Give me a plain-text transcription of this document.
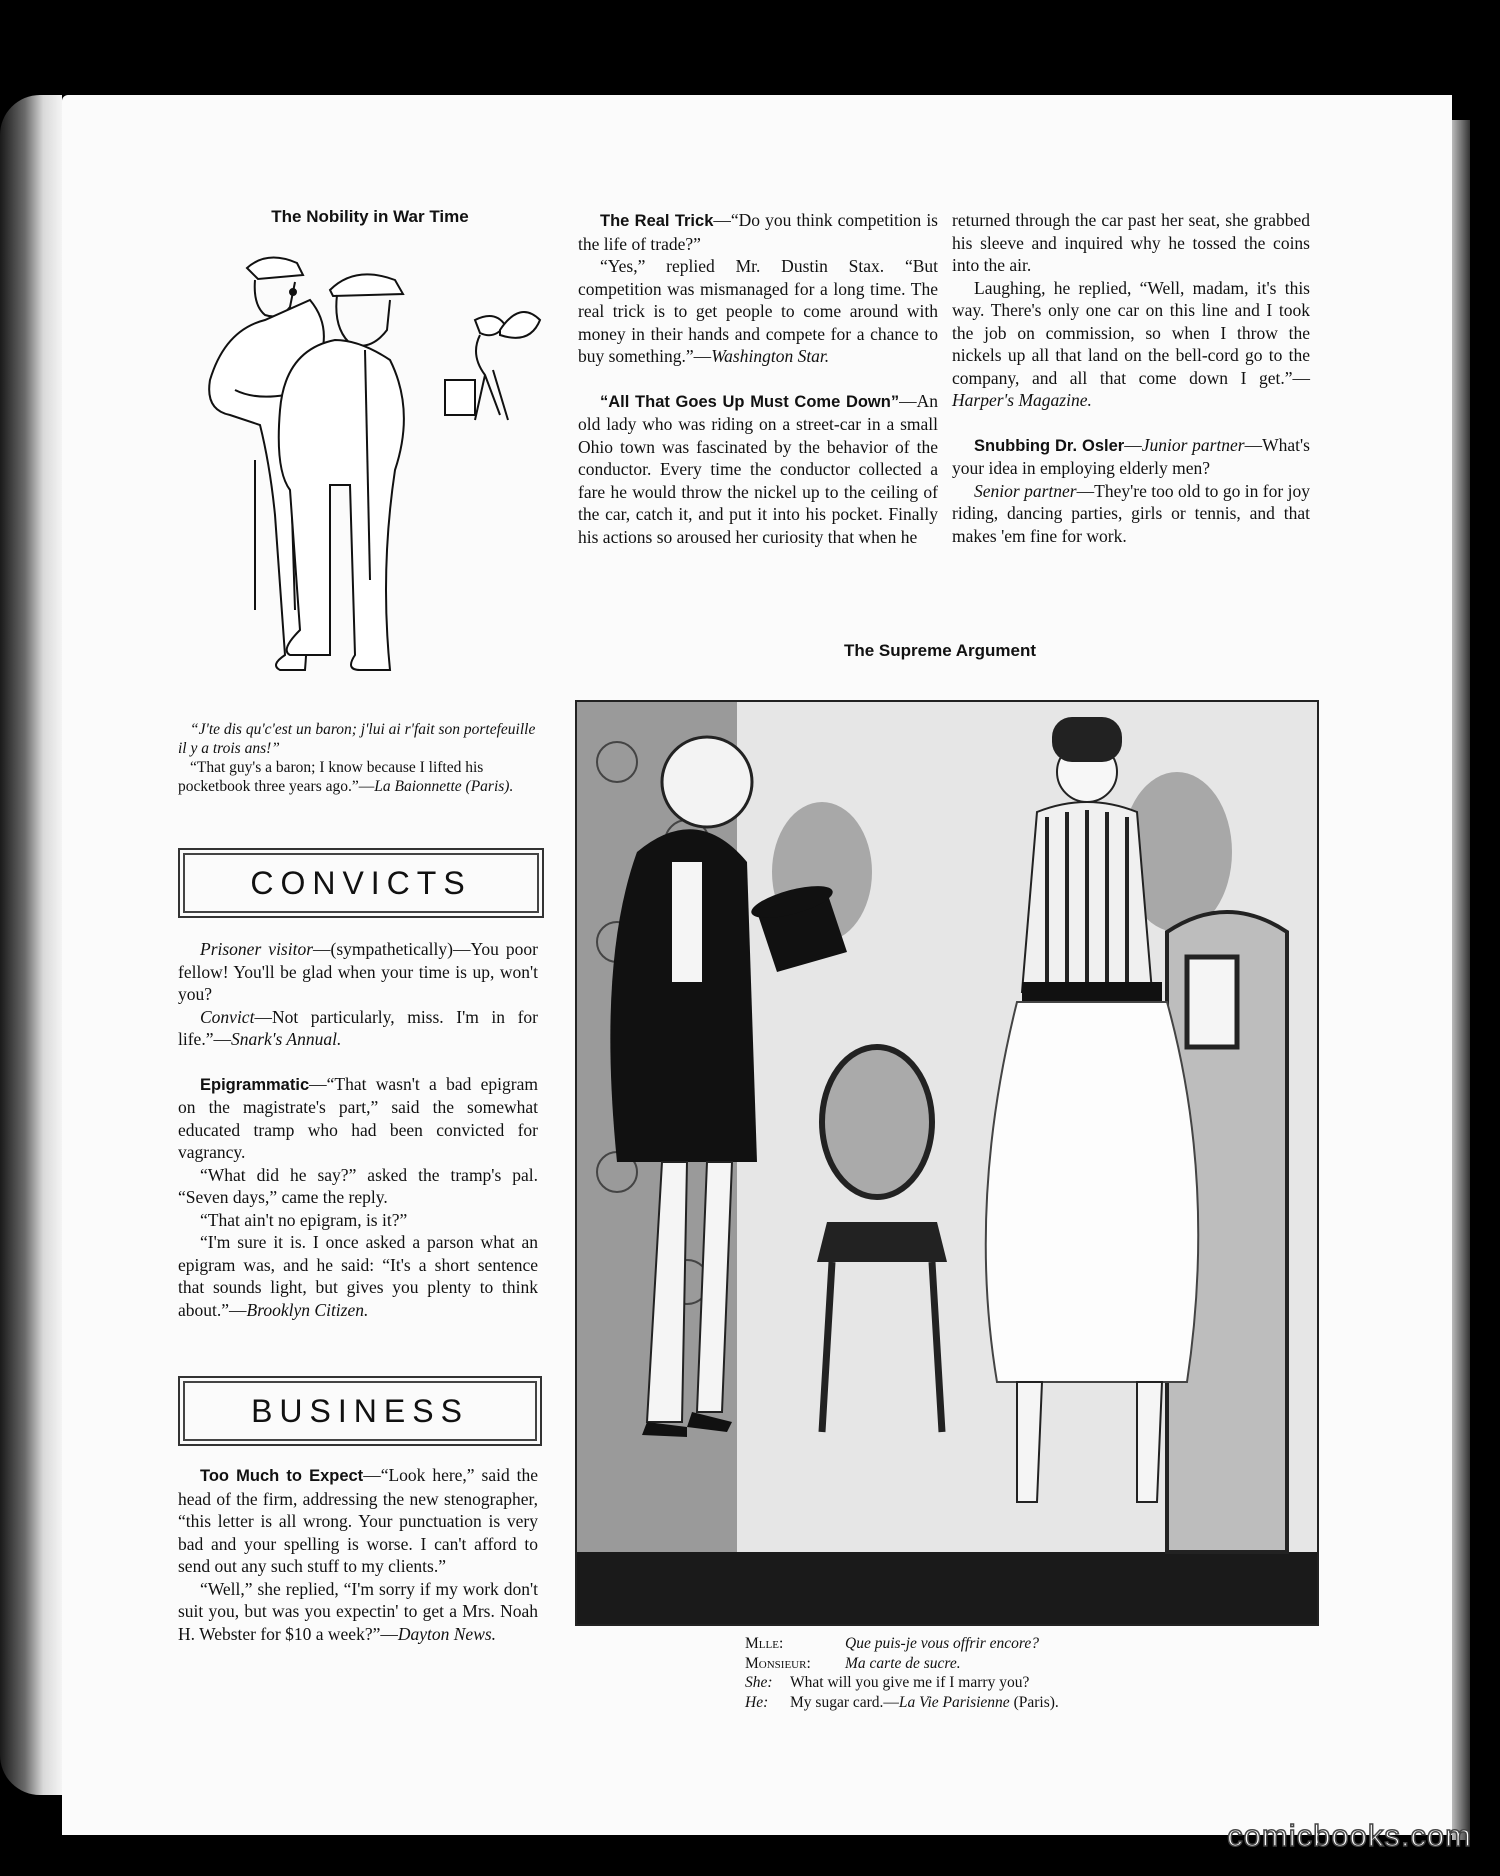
The Nobility in War Time

“J'te dis qu'c'est un baron; j'lui ai r'fait son portefeuille il y a trois ans!”

“That guy's a baron; I know because I lifted his pocketbook three years ago.”—La Baionnette (Paris).

CONVICTS

Prisoner visitor—(sympathetically)—You poor fellow! You'll be glad when your time is up, won't you?

Convict—Not particularly, miss. I'm in for life.”—Snark's Annual.

Epigrammatic—“That wasn't a bad epigram on the magistrate's part,” said the somewhat educated tramp who had been convicted for vagrancy.

“What did he say?” asked the tramp's pal. “Seven days,” came the reply.

“That ain't no epigram, is it?”

“I'm sure it is. I once asked a parson what an epigram was, and he said: “It's a short sentence that sounds light, but gives you plenty to think about.”—Brooklyn Citizen.

BUSINESS

Too Much to Expect—“Look here,” said the head of the firm, addressing the new stenographer, “this letter is all wrong. Your punctuation is very bad and your spelling is worse. I can't afford to send out any such stuff to my clients.”

“Well,” she replied, “I'm sorry if my work don't suit you, but was you expectin' to get a Mrs. Noah H. Webster for $10 a week?”—Dayton News.

The Real Trick—“Do you think competition is the life of trade?”

“Yes,” replied Mr. Dustin Stax. “But competition was mismanaged for a long time. The real trick is to get people to come around with money in their hands and compete for a chance to buy something.”—Washington Star.

“All That Goes Up Must Come Down”—An old lady who was riding on a street-car in a small Ohio town was fascinated by the behavior of the conductor. Every time the conductor collected a fare he would throw the nickel up to the ceiling of the car, catch it, and put it into his pocket. Finally his actions so aroused her curiosity that when he

returned through the car past her seat, she grabbed his sleeve and inquired why he tossed the coins into the air.

Laughing, he replied, “Well, madam, it's this way. There's only one car on this line and I took the job on commission, so when I throw the nickels up all that land on the bell-cord go to the company, and all that come down I get.”—Harper's Magazine.

Snubbing Dr. Osler—Junior partner—What's your idea in employing elderly men?

Senior partner—They're too old to go in for joy riding, dancing parties, girls or tennis, and that makes 'em fine for work.

The Supreme Argument

Mlle:	Que puis-je vous offrir encore?

Monsieur: Ma carte de sucre.

She: What will you give me if I marry you?

He: My sugar card.—La Vie Parisienne (Paris).

comicbooks.com
